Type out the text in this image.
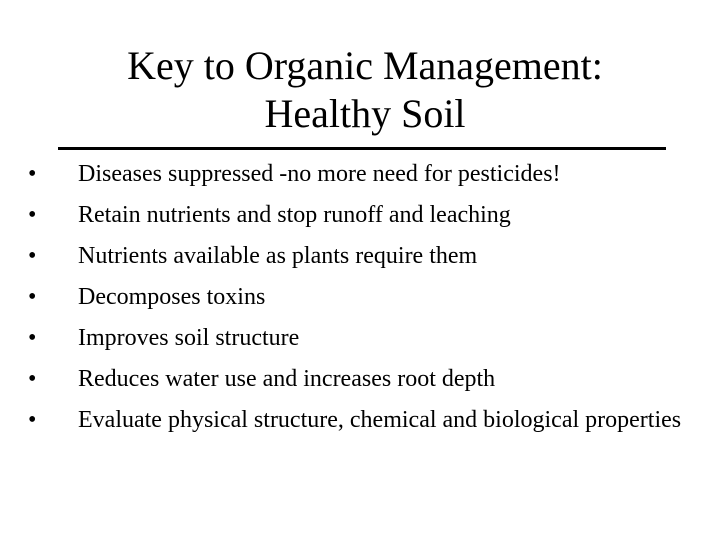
Key to Organic Management:
Healthy Soil
•	Diseases suppressed -no more need for pesticides!
•	Retain nutrients and stop runoff and leaching
•	Nutrients available as plants require them
•	Decomposes toxins
•	Improves soil structure
•	Reduces water use and increases root depth
•	Evaluate physical structure, chemical and biological properties
